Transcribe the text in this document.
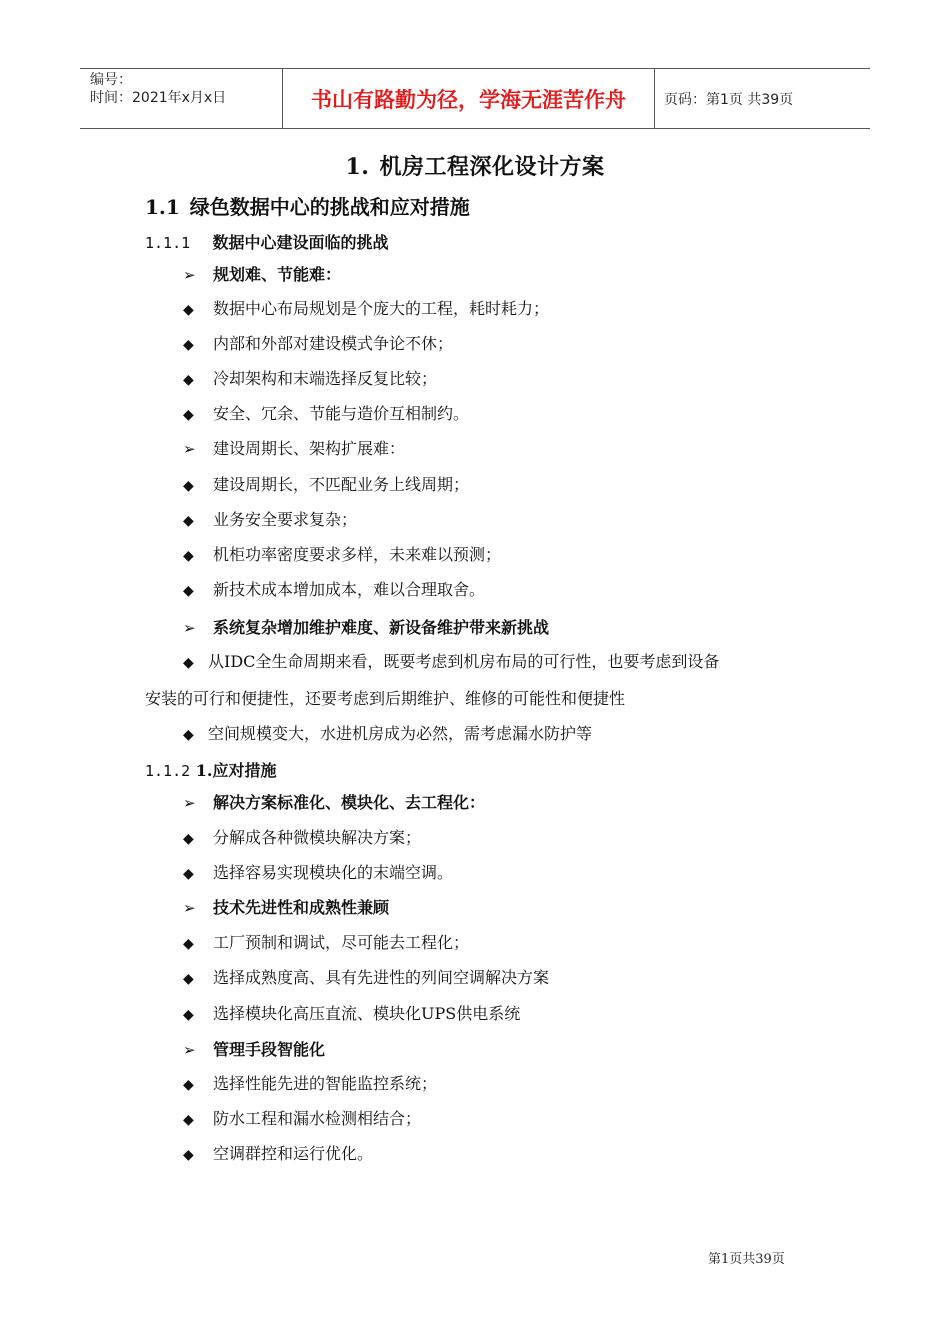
编号：
时间：2021年x月x日	书山有路勤为径，学海无涯苦作舟	页码：第1页 共39页
1. 机房工程深化设计方案
1.1 绿色数据中心的挑战和应对措施
1.1.1 数据中心建设面临的挑战
➢ 规划难、节能难：
◆ 数据中心布局规划是个庞大的工程，耗时耗力；
◆ 内部和外部对建设模式争论不休；
◆ 冷却架构和末端选择反复比较；
◆ 安全、冗余、节能与造价互相制约。
➢ 建设周期长、架构扩展难：
◆ 建设周期长，不匹配业务上线周期；
◆ 业务安全要求复杂；
◆ 机柜功率密度要求多样，未来难以预测；
◆ 新技术成本增加成本，难以合理取舍。
➢ 系统复杂增加维护难度、新设备维护带来新挑战
◆ 从IDC全生命周期来看，既要考虑到机房布局的可行性，也要考虑到设备
安装的可行和便捷性，还要考虑到后期维护、维修的可能性和便捷性
◆ 空间规模变大，水进机房成为必然，需考虑漏水防护等
1.1.2 1.应对措施
➢ 解决方案标准化、模块化、去工程化：
◆ 分解成各种微模块解决方案；
◆ 选择容易实现模块化的末端空调。
➢ 技术先进性和成熟性兼顾
◆ 工厂预制和调试，尽可能去工程化；
◆ 选择成熟度高、具有先进性的列间空调解决方案
◆ 选择模块化高压直流、模块化UPS供电系统
➢ 管理手段智能化
◆ 选择性能先进的智能监控系统；
◆ 防水工程和漏水检测相结合；
◆ 空调群控和运行优化。
第1页共39页
